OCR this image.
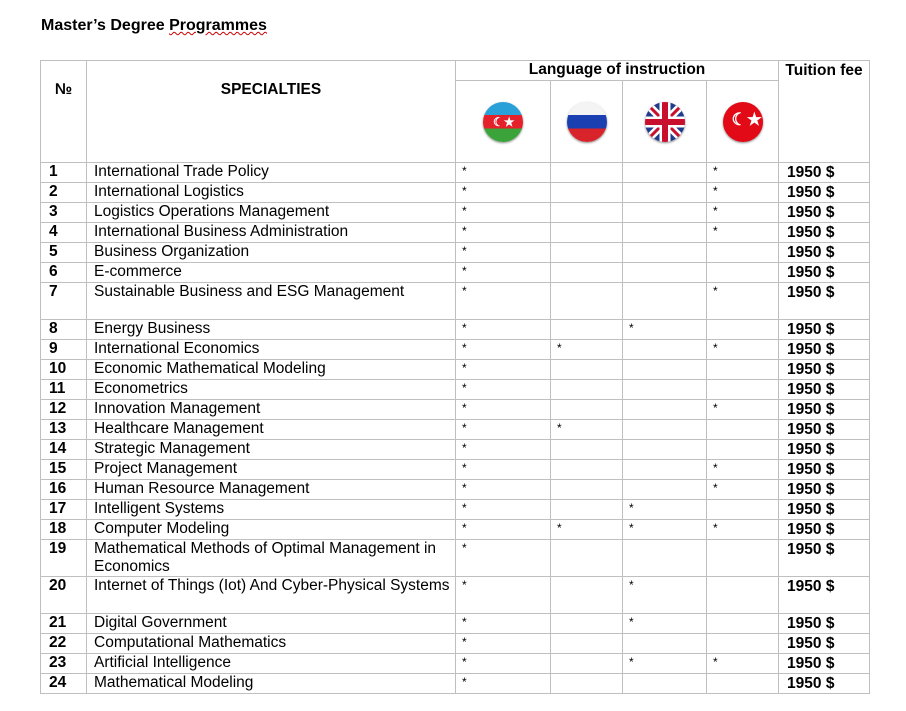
Master’s Degree Programmes
№	SPECIALTIES	Language of instruction				Tuition fee

☾★

☾★

1	International Trade Policy	*			*	1950 $
2	International Logistics	*			*	1950 $
3	Logistics Operations Management	*			*	1950 $
4	International Business Administration	*			*	1950 $
5	Business Organization	*				1950 $
6	E-commerce	*				1950 $
7	Sustainable Business and ESG Management	*			*	1950 $
8	Energy Business	*		*		1950 $
9	International Economics	*	*		*	1950 $
10	Economic Mathematical Modeling	*				1950 $
11	Econometrics	*				1950 $
12	Innovation Management	*			*	1950 $
13	Healthcare Management	*	*			1950 $
14	Strategic Management	*				1950 $
15	Project Management	*			*	1950 $
16	Human Resource Management	*			*	1950 $
17	Intelligent Systems	*		*		1950 $
18	Computer Modeling	*	*	*	*	1950 $
19	Mathematical Methods of Optimal Management in Economics	*				1950 $
20	Internet of Things (Iot) And Cyber-Physical Systems	*		*		1950 $
21	Digital Government	*		*		1950 $
22	Computational Mathematics	*				1950 $
23	Artificial Intelligence	*		*	*	1950 $
24	Mathematical Modeling	*				1950 $
